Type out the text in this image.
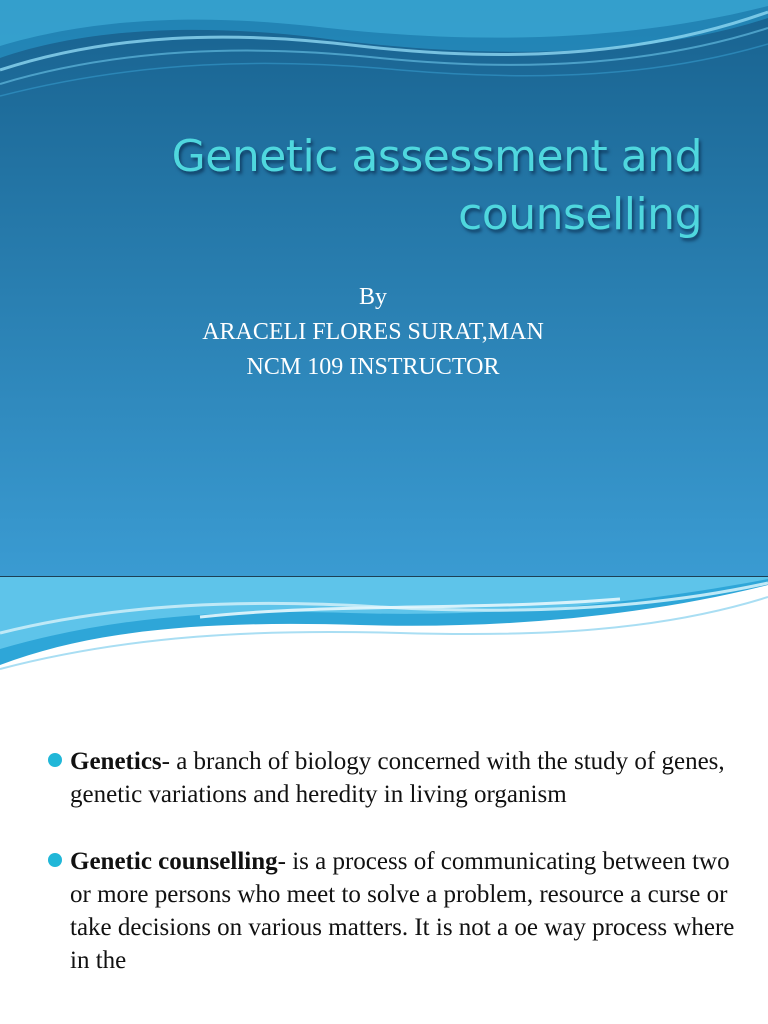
Genetic assessment and
counselling
By
ARACELI FLORES SURAT,MAN
NCM 109 INSTRUCTOR
Genetics- a branch of biology concerned with the study of genes, genetic variations and heredity in living organism
Genetic counselling- is a process of communicating between two or more persons who meet to solve a problem, resource a curse or take decisions on various matters. It is not a oe way process where in the
